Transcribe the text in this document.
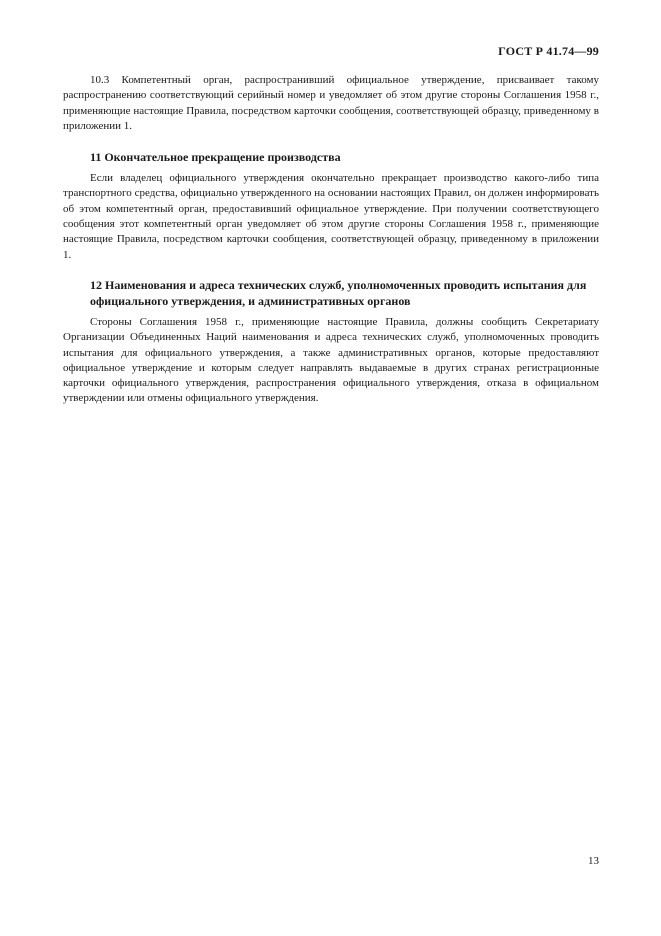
ГОСТ Р 41.74—99

10.3 Компетентный орган, распространивший официальное утверждение, присваивает такому распространению соответствующий серийный номер и уведомляет об этом другие стороны Соглашения 1958 г., применяющие настоящие Правила, посредством карточки сообщения, соответствующей образцу, приведенному в приложении 1.

11 Окончательное прекращение производства

Если владелец официального утверждения окончательно прекращает производство какого-либо типа транспортного средства, официально утвержденного на основании настоящих Правил, он должен информировать об этом компетентный орган, предоставивший официальное утверждение. При получении соответствующего сообщения этот компетентный орган уведомляет об этом другие стороны Соглашения 1958 г., применяющие настоящие Правила, посредством карточки сообщения, соответствующей образцу, приведенному в приложении 1.

12 Наименования и адреса технических служб, уполномоченных проводить испытания для официального утверждения, и административных органов

Стороны Соглашения 1958 г., применяющие настоящие Правила, должны сообщить Секретариату Организации Объединенных Наций наименования и адреса технических служб, уполномоченных проводить испытания для официального утверждения, а также административных органов, которые предоставляют официальное утверждение и которым следует направлять выдаваемые в других странах регистрационные карточки официального утверждения, распространения официального утверждения, отказа в официальном утверждении или отмены официального утверждения.

13
